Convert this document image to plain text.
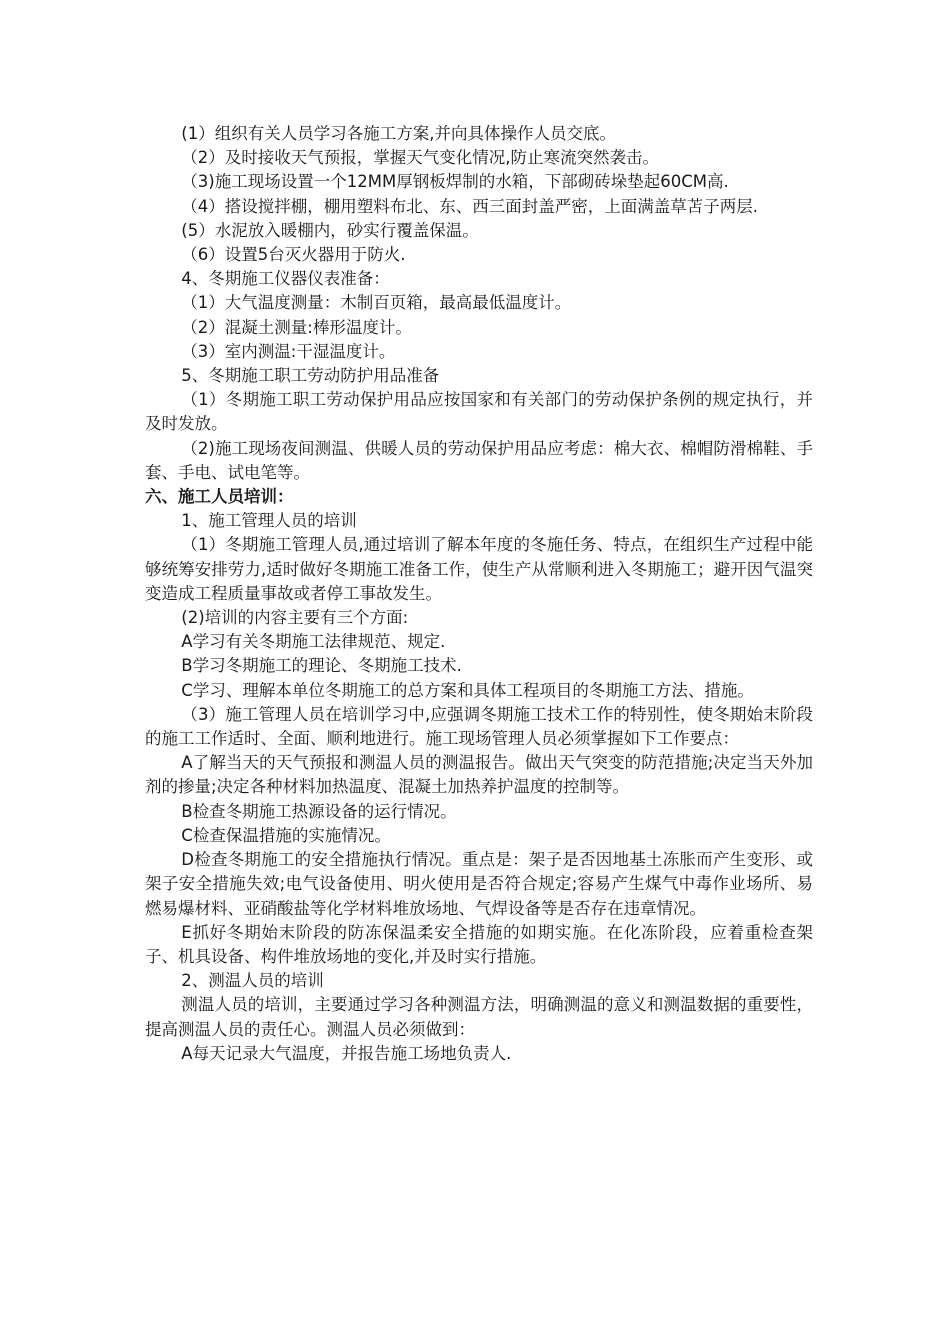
(1）组织有关人员学习各施工方案,并向具体操作人员交底。

（2）及时接收天气预报，掌握天气变化情况,防止寒流突然袭击。

（3)施工现场设置一个12MM厚钢板焊制的水箱，下部砌砖垛垫起60CM高.

（4）搭设搅拌棚，棚用塑料布北、东、西三面封盖严密，上面满盖草苫子两层.

(5）水泥放入暖棚内，砂实行覆盖保温。

（6）设置5台灭火器用于防火.

4、冬期施工仪器仪表准备：

（1）大气温度测量：木制百页箱，最高最低温度计。

（2）混凝土测量:棒形温度计。

（3）室内测温:干湿温度计。

5、冬期施工职工劳动防护用品准备

（1）冬期施工职工劳动保护用品应按国家和有关部门的劳动保护条例的规定执行，并及时发放。

（2)施工现场夜间测温、供暖人员的劳动保护用品应考虑：棉大衣、棉帽防滑棉鞋、手套、手电、试电笔等。

六、施工人员培训：

1、施工管理人员的培训

（1）冬期施工管理人员,通过培训了解本年度的冬施任务、特点，在组织生产过程中能够统筹安排劳力,适时做好冬期施工准备工作，使生产从常顺利进入冬期施工；避开因气温突变造成工程质量事故或者停工事故发生。

(2)培训的内容主要有三个方面:

A学习有关冬期施工法律规范、规定.

B学习冬期施工的理论、冬期施工技术.

C学习、理解本单位冬期施工的总方案和具体工程项目的冬期施工方法、措施。

（3）施工管理人员在培训学习中,应强调冬期施工技术工作的特别性，使冬期始末阶段的施工工作适时、全面、顺利地进行。施工现场管理人员必须掌握如下工作要点：

A了解当天的天气预报和测温人员的测温报告。做出天气突变的防范措施;决定当天外加剂的掺量;决定各种材料加热温度、混凝土加热养护温度的控制等。

B检查冬期施工热源设备的运行情况。

C检查保温措施的实施情况。

D检查冬期施工的安全措施执行情况。重点是：架子是否因地基土冻胀而产生变形、或架子安全措施失效;电气设备使用、明火使用是否符合规定;容易产生煤气中毒作业场所、易燃易爆材料、亚硝酸盐等化学材料堆放场地、气焊设备等是否存在违章情况。

E抓好冬期始末阶段的防冻保温柔安全措施的如期实施。在化冻阶段，应着重检查架子、机具设备、构件堆放场地的变化,并及时实行措施。

2、测温人员的培训

测温人员的培训，主要通过学习各种测温方法，明确测温的意义和测温数据的重要性，提高测温人员的责任心。测温人员必须做到：

A每天记录大气温度，并报告施工场地负责人.
